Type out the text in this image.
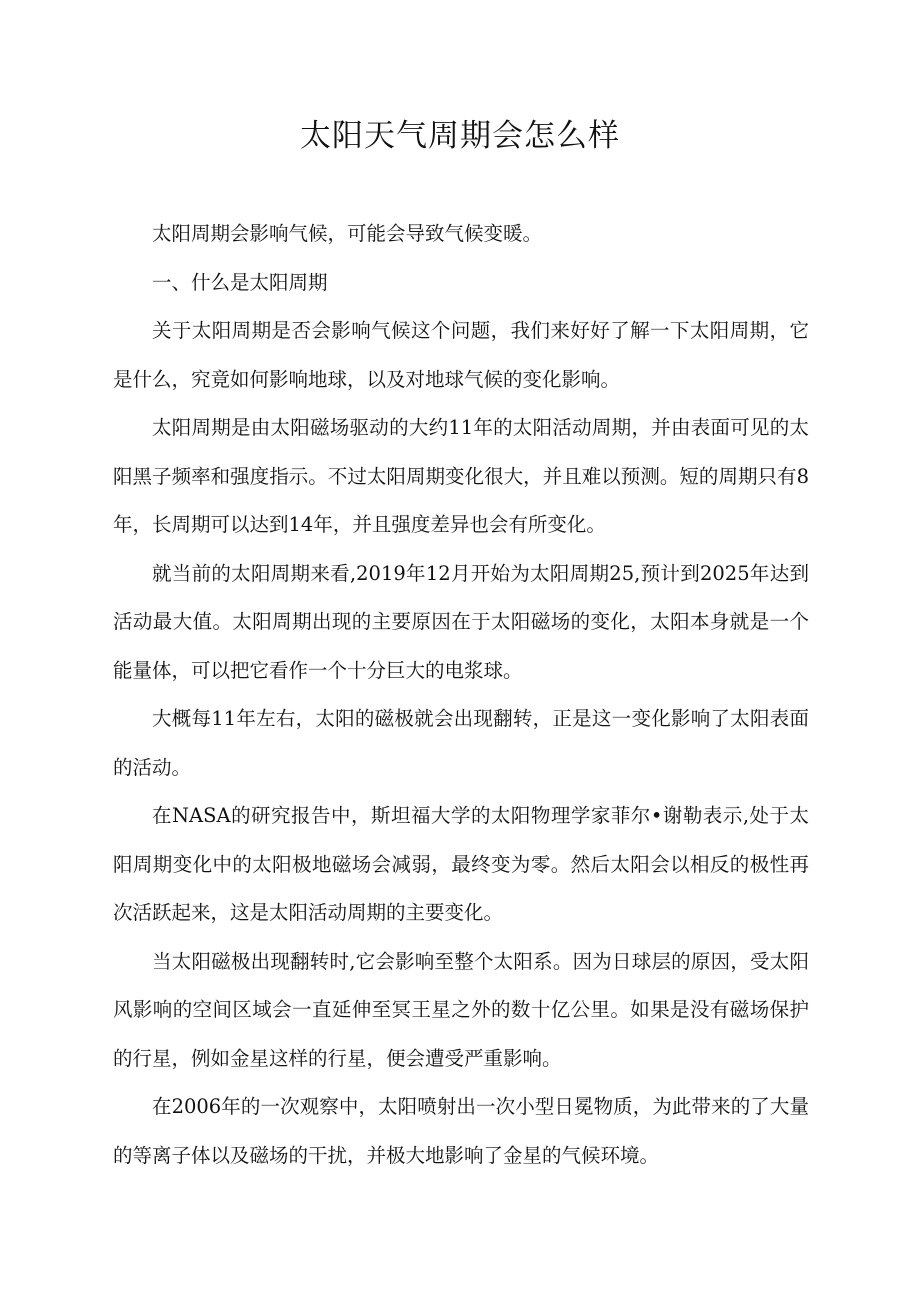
太阳天气周期会怎么样

太阳周期会影响气候，可能会导致气候变暖。

一、什么是太阳周期

关于太阳周期是否会影响气候这个问题，我们来好好了解一下太阳周期，它是什么，究竟如何影响地球，以及对地球气候的变化影响。

太阳周期是由太阳磁场驱动的大约11年的太阳活动周期，并由表面可见的太阳黑子频率和强度指示。不过太阳周期变化很大，并且难以预测。短的周期只有8年，长周期可以达到14年，并且强度差异也会有所变化。

就当前的太阳周期来看,2019年12月开始为太阳周期25,预计到2025年达到活动最大值。太阳周期出现的主要原因在于太阳磁场的变化，太阳本身就是一个能量体，可以把它看作一个十分巨大的电浆球。

大概每11年左右，太阳的磁极就会出现翻转，正是这一变化影响了太阳表面的活动。

在NASA的研究报告中，斯坦福大学的太阳物理学家菲尔•谢勒表示,处于太阳周期变化中的太阳极地磁场会减弱，最终变为零。然后太阳会以相反的极性再次活跃起来，这是太阳活动周期的主要变化。

当太阳磁极出现翻转时,它会影响至整个太阳系。因为日球层的原因，受太阳风影响的空间区域会一直延伸至冥王星之外的数十亿公里。如果是没有磁场保护的行星，例如金星这样的行星，便会遭受严重影响。

在2006年的一次观察中，太阳喷射出一次小型日冕物质，为此带来的了大量的等离子体以及磁场的干扰，并极大地影响了金星的气候环境。
